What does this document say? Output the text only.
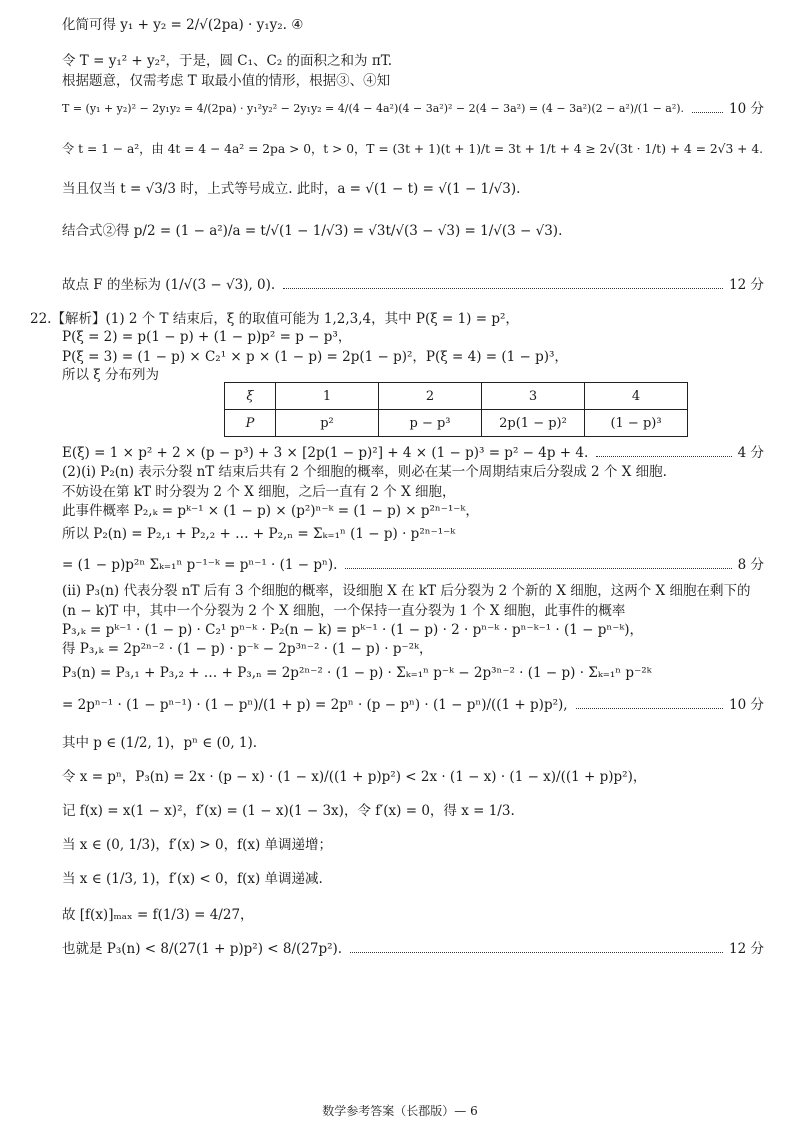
化简可得 y₁ + y₂ = 2/√(2pa) · y₁y₂. ④
令 T = y₁² + y₂²，于是，圆 C₁、C₂ 的面积之和为 πT.
根据题意，仅需考虑 T 取最小值的情形，根据③、④知
T = (y₁ + y₂)² − 2y₁y₂ = 4/(2pa) · y₁²y₂² − 2y₁y₂ = 4/(4 − 4a²)(4 − 3a²)² − 2(4 − 3a²) = (4 − 3a²)(2 − a²)/(1 − a²).	10 分
令 t = 1 − a²，由 4t = 4 − 4a² = 2pa > 0，t > 0，T = (3t + 1)(t + 1)/t = 3t + 1/t + 4 ≥ 2√(3t · 1/t) + 4 = 2√3 + 4.
当且仅当 t = √3/3 时，上式等号成立. 此时，a = √(1 − t) = √(1 − 1/√3).
结合式②得 p/2 = (1 − a²)/a = t/√(1 − 1/√3) = √3t/√(3 − √3) = 1/√(3 − √3).
故点 F 的坐标为 (1/√(3 − √3), 0).	12 分
22.【解析】(1) 2 个 T 结束后，ξ 的取值可能为 1,2,3,4，其中 P(ξ = 1) = p²，
P(ξ = 2) = p(1 − p) + (1 − p)p² = p − p³，
P(ξ = 3) = (1 − p) × C₂¹ × p × (1 − p) = 2p(1 − p)²，P(ξ = 4) = (1 − p)³，
所以 ξ 分布列为
E(ξ) = 1 × p² + 2 × (p − p³) + 3 × [2p(1 − p)²] + 4 × (1 − p)³ = p² − 4p + 4.	4 分
(2)(i) P₂(n) 表示分裂 nT 结束后共有 2 个细胞的概率，则必在某一个周期结束后分裂成 2 个 X 细胞.
不妨设在第 kT 时分裂为 2 个 X 细胞，之后一直有 2 个 X 细胞，
此事件概率 P₂,ₖ = pᵏ⁻¹ × (1 − p) × (p²)ⁿ⁻ᵏ = (1 − p) × p²ⁿ⁻¹⁻ᵏ，
所以 P₂(n) = P₂,₁ + P₂,₂ + … + P₂,ₙ = Σₖ₌₁ⁿ (1 − p) · p²ⁿ⁻¹⁻ᵏ
= (1 − p)p²ⁿ Σₖ₌₁ⁿ p⁻¹⁻ᵏ = pⁿ⁻¹ · (1 − pⁿ).	8 分
(ii) P₃(n) 代表分裂 nT 后有 3 个细胞的概率，设细胞 X 在 kT 后分裂为 2 个新的 X 细胞，这两个 X 细胞在剩下的
(n − k)T 中，其中一个分裂为 2 个 X 细胞，一个保持一直分裂为 1 个 X 细胞，此事件的概率
P₃,ₖ = pᵏ⁻¹ · (1 − p) · C₂¹ pⁿ⁻ᵏ · P₂(n − k) = pᵏ⁻¹ · (1 − p) · 2 · pⁿ⁻ᵏ · pⁿ⁻ᵏ⁻¹ · (1 − pⁿ⁻ᵏ)，
得 P₃,ₖ = 2p²ⁿ⁻² · (1 − p) · p⁻ᵏ − 2p³ⁿ⁻² · (1 − p) · p⁻²ᵏ，
P₃(n) = P₃,₁ + P₃,₂ + … + P₃,ₙ = 2p²ⁿ⁻² · (1 − p) · Σₖ₌₁ⁿ p⁻ᵏ − 2p³ⁿ⁻² · (1 − p) · Σₖ₌₁ⁿ p⁻²ᵏ
= 2pⁿ⁻¹ · (1 − pⁿ⁻¹) · (1 − pⁿ)/(1 + p) = 2pⁿ · (p − pⁿ) · (1 − pⁿ)/((1 + p)p²),	10 分
其中 p ∈ (1/2, 1)，pⁿ ∈ (0, 1).
令 x = pⁿ，P₃(n) = 2x · (p − x) · (1 − x)/((1 + p)p²) < 2x · (1 − x) · (1 − x)/((1 + p)p²)，
记 f(x) = x(1 − x)²，f′(x) = (1 − x)(1 − 3x)，令 f′(x) = 0，得 x = 1/3.
当 x ∈ (0, 1/3)，f′(x) > 0，f(x) 单调递增；
当 x ∈ (1/3, 1)，f′(x) < 0，f(x) 单调递减.
故 [f(x)]ₘₐₓ = f(1/3) = 4/27，
也就是 P₃(n) < 8/(27(1 + p)p²) < 8/(27p²).	12 分
ξ	1	2	3	4
P	p²	p − p³	2p(1 − p)²	(1 − p)³
数学参考答案（长郡版）— 6
